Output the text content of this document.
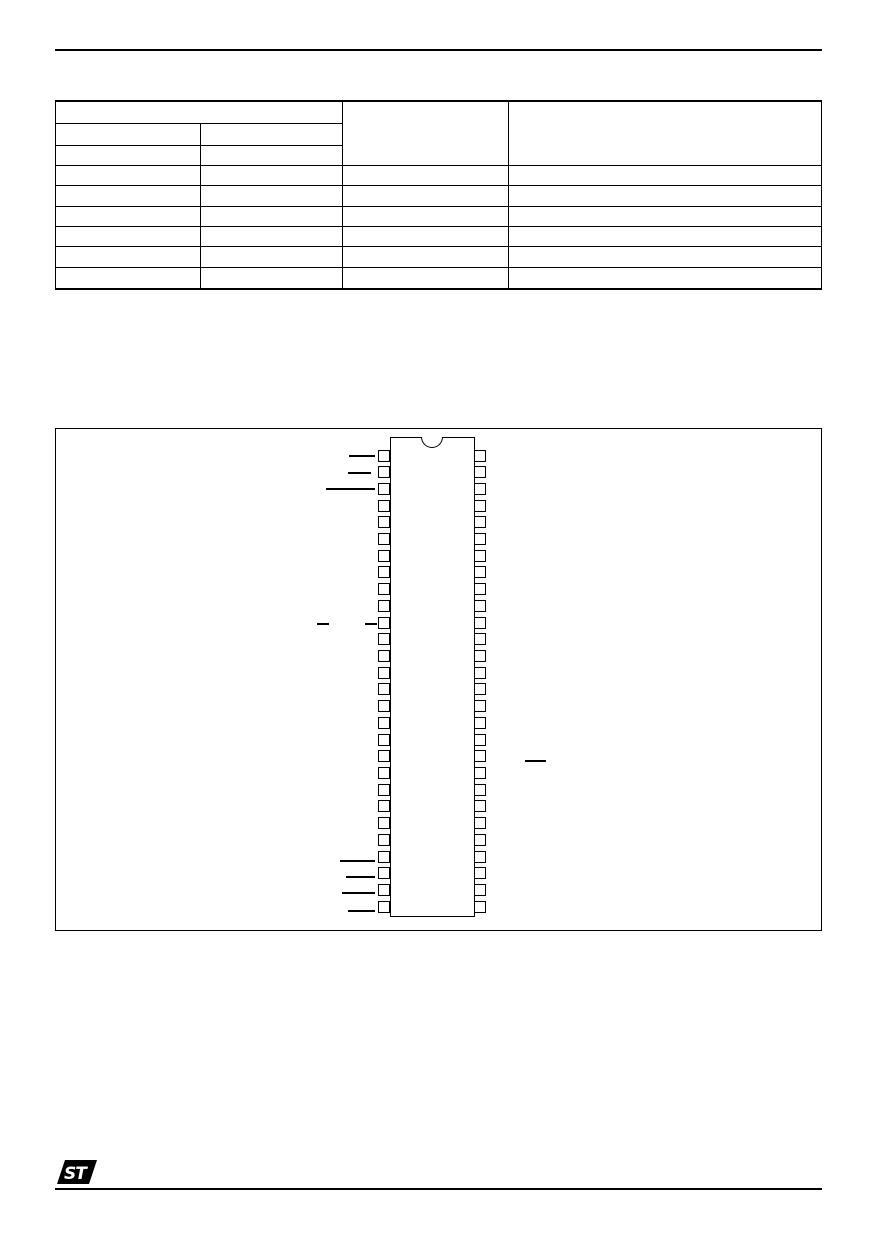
ST
